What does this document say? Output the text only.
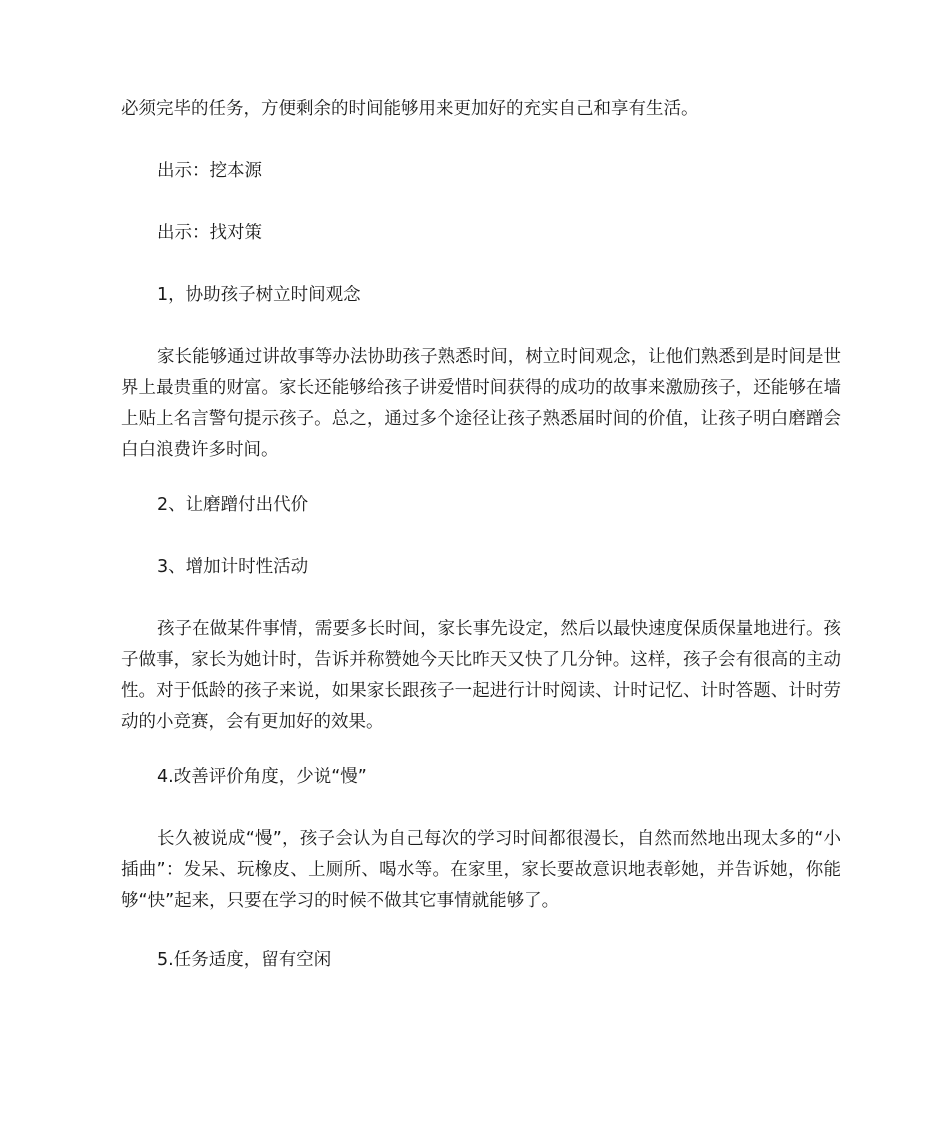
必须完毕的任务，方便剩余的时间能够用来更加好的充实自己和享有生活。

出示：挖本源

出示：找对策

1，协助孩子树立时间观念

家长能够通过讲故事等办法协助孩子熟悉时间，树立时间观念，让他们熟悉到是时间是世界上最贵重的财富。家长还能够给孩子讲爱惜时间获得的成功的故事来激励孩子，还能够在墙上贴上名言警句提示孩子。总之，通过多个途径让孩子熟悉届时间的价值，让孩子明白磨蹭会白白浪费许多时间。

2、让磨蹭付出代价

3、增加计时性活动

孩子在做某件事情，需要多长时间，家长事先设定，然后以最快速度保质保量地进行。孩子做事，家长为她计时，告诉并称赞她今天比昨天又快了几分钟。这样，孩子会有很高的主动性。对于低龄的孩子来说，如果家长跟孩子一起进行计时阅读、计时记忆、计时答题、计时劳动的小竞赛，会有更加好的效果。

4.改善评价角度，少说“慢”

长久被说成“慢”，孩子会认为自己每次的学习时间都很漫长，自然而然地出现太多的“小插曲”：发呆、玩橡皮、上厕所、喝水等。在家里，家长要故意识地表彰她，并告诉她，你能够“快”起来，只要在学习的时候不做其它事情就能够了。

5.任务适度，留有空闲
